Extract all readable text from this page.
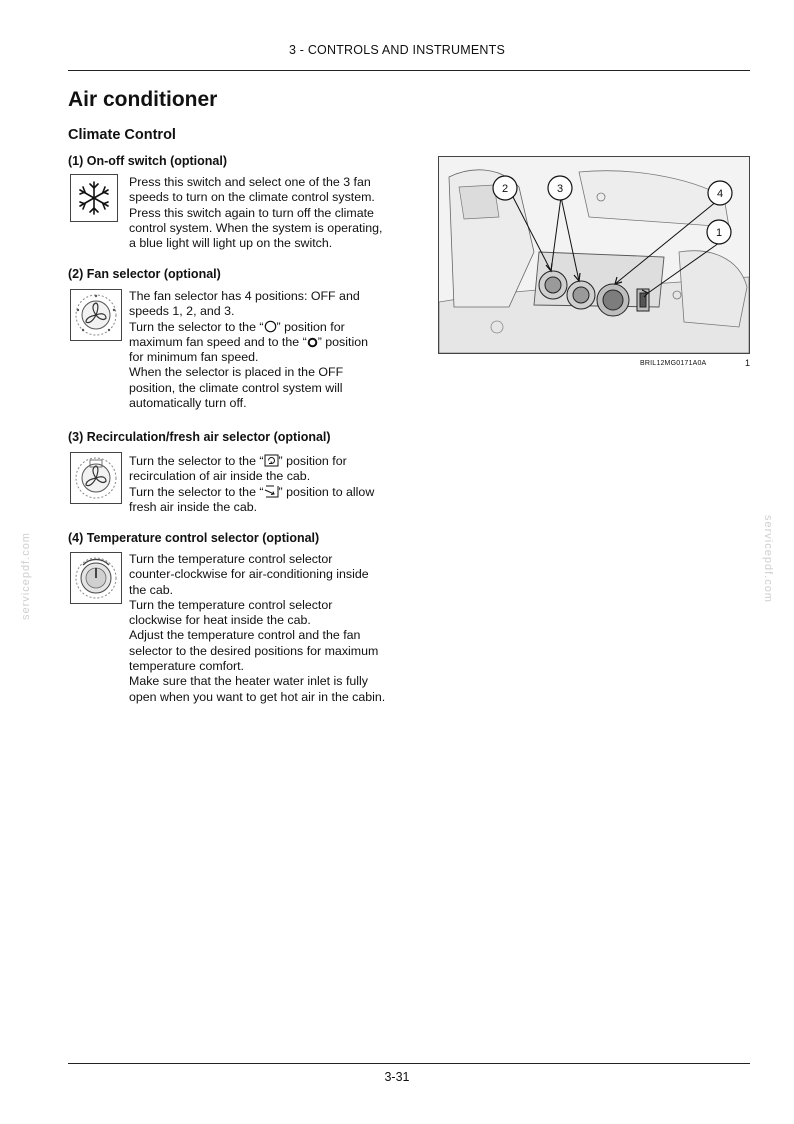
3 - CONTROLS AND INSTRUMENTS
Air conditioner
Climate Control
(1) On-off switch (optional)

Press this switch and select one of the 3 fan

speeds to turn on the climate control system.

Press this switch again to turn off the climate

control system. When the system is operating,

a blue light will light up on the switch.

(2) Fan selector (optional)

The fan selector has 4 positions: OFF and

speeds 1, 2, and 3.

Turn the selector to the “ ” position for

maximum fan speed and to the “ ” position

for minimum fan speed.

When the selector is placed in the OFF

position, the climate control system will

automatically turn off.

(3) Recirculation/fresh air selector (optional)

Turn the selector to the “ ” position for

recirculation of air inside the cab.

Turn the selector to the “ ” position to allow

fresh air inside the cab.

(4) Temperature control selector (optional)

Turn the temperature control selector

counter-clockwise for air-conditioning inside

the cab.

Turn the temperature control selector

clockwise for heat inside the cab.

Adjust the temperature control and the fan

selector to the desired positions for maximum

temperature comfort.

Make sure that the heater water inlet is fully

open when you want to get hot air in the cabin.

2	3	4
1
BRIL12MG0171A0A	1
servicepdf.com	servicepdf.com
3-31
